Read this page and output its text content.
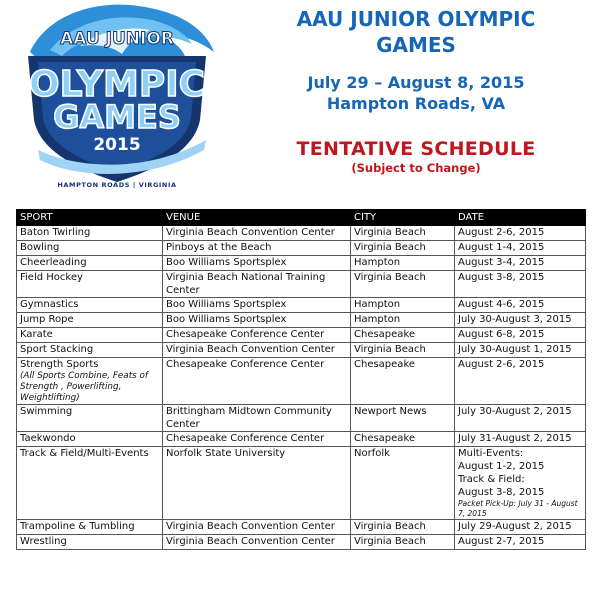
AAU JUNIOR
OLYMPIC
GAMES
2015
HAMPTON ROADS | VIRGINIA
AAU JUNIOR OLYMPIC
GAMES
July 29 – August 8, 2015
Hampton Roads, VA
TENTATIVE SCHEDULE
(Subject to Change)
SPORT	VENUE	CITY	DATE
Baton Twirling	Virginia Beach Convention Center	Virginia Beach	August 2-6, 2015
Bowling	Pinboys at the Beach	Virginia Beach	August 1-4, 2015
Cheerleading	Boo Williams Sportsplex	Hampton	August 3-4, 2015
Field Hockey	Virginia Beach National Training Center	Virginia Beach	August 3-8, 2015
Gymnastics	Boo Williams Sportsplex	Hampton	August 4-6, 2015
Jump Rope	Boo Williams Sportsplex	Hampton	July 30-August 3, 2015
Karate	Chesapeake Conference Center	Chesapeake	August 6-8, 2015
Sport Stacking	Virginia Beach Convention Center	Virginia Beach	July 30-August 1, 2015

Strength Sports
(All Sports Combine, Feats of Strength , Powerlifting, Weightlifting)	Chesapeake Conference Center	Chesapeake	August 2-6, 2015
Swimming	Brittingham Midtown Community Center	Newport News	July 30-August 2, 2015
Taekwondo	Chesapeake Conference Center	Chesapeake	July 31-August 2, 2015
Track & Field/Multi-Events	Norfolk State University	Norfolk	Multi-Events:
August 1-2, 2015
Track & Field:
August 3-8, 2015
Packet Pick-Up: July 31 - August 7, 2015

Trampoline & Tumbling	Virginia Beach Convention Center	Virginia Beach	July 29-August 2, 2015
Wrestling	Virginia Beach Convention Center	Virginia Beach	August 2-7, 2015
